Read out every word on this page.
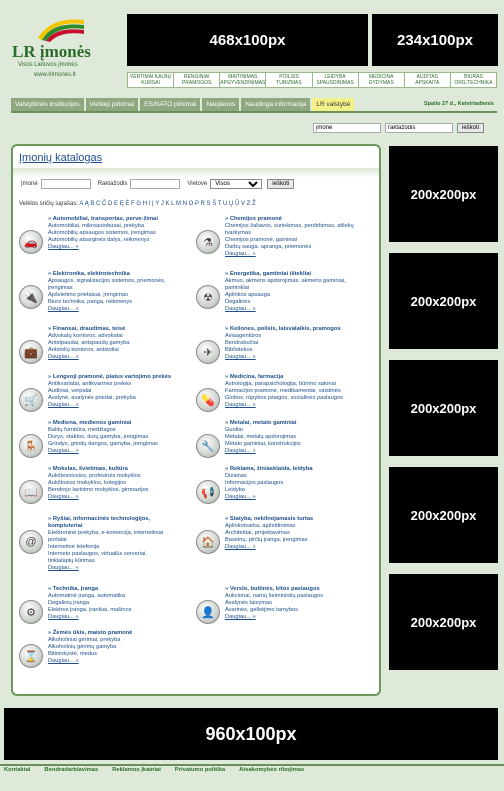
LR įmonės
Visos Lietuvos įmonės
www.lrimones.lt
468x100px	234x100px
VERTIMAI KALBŲ KURSAI
RENGINIAI PRAMOGOS
MAITINIMAS APGYVENDINIMAS
POILSIS TURIZMAS
LEIDYBA SPAUSDINIMAS
MEDICINA GYDYMAS
AUDITAS APSKAITA
BIURAS ORG.TECHNIKA
Valstybinės institucijos	Viešieji pirkimai	ES/NATO pirkimai	Naujienos	Naudinga informacija	LR valstybė	Spalio 27 d., Ketvirtadienis
įmonė
raktažodis
ieškoti
Įmonių katalogas
Įmonė	Raktažodis	Vietovė
Visos	ieškoti
Veiklos sričių sąrašas: A Ą B C Č D E Ę Ė F G H I Į Y J K L M N O P R S Š T U Ų Ū V Z Ž
🚗
» Automobiliai, transportas, perve-žimai
Automobiliai, mikroautobusai, prekyba
Automobilių apsaugos sistemos, įrengimas
Automobilių atsarginės dalys, reikmenys
Daugiau... »	⚗
» Chemijos pramonė
Chemijos žaliavos, surinkimas, perdirbimas, atliekų
tvarkymas
Chemijos pramonė, gaminiai
Darbų sauga, apranga, priemonės
Daugiau... »
🔌
» Elektronika, elektrotechnika
Apsaugos, signalizacijos sistemos, priemonės,
įrengimas
Apšvietimo prietaisai, įrengimas
Biuro technika, įranga, reikmenys
Daugiau... »
☢
» Energetika, gamtiniai ištekliai
Akmuo, akmens apdorojimas, akmens gaminiai,
paminklai
Aplinkos apsauga
Degalinės
Daugiau... »
💼
» Finansai, draudimas, teisė
Advokatų kontoros, advokatai
Antstpaudai, antspaudų gamyba
Antstolių kontoros, antstoliai
Daugiau... »	✈
» Keliones, poilsis, laisvalaikis, pramogos
Aviaagentūros
Bendrabučiai
Bibliotekos
Daugiau... »
🛒
» Lengvoji pramonė, platus vartojimo prekės
Antikvariatai, antikvarinės prekės
Audiniai, verpalai
Avalynė, avalynės priedai, prekyba
Daugiau... »	💊
» Medicina, farmacija
Astrologija, parapsichologija, būrimo salonai
Farmacijos pramonė, medikamentai, vaistinės
Globos, rūpybos įstaigos, socialinės paslaugos
Daugiau... »
🪑
» Mediena, medienos gaminiai
Baldų furnitūra, medžiagos
Durys, staktos, durų gamyba, įrengimas
Grindys, grindų dangos, gamyba, įrengimas
Daugiau... »	🔧
» Metalai, metalo gaminiai
Guoliai
Metalai, metalų apdorojimas
Metalo gaminiai, konstrukcijos
Daugiau... »
📖
» Mokslas, švietimas, kultūra
Aukštesniosios, profesinės mokyklos
Aukštosios mokyklos, kolegijos
Bendrojo lavinimo mokyklos, gimnazijos
Daugiau... »	📢
» Reklama, žiniasklaida, leidyba
Dizainas
Informacijos paslaugos
Leidyba
Daugiau... »
@
» Ryšiai, informacinės technologijos,
kompiuteriai
Elektroninė prekyba, e-komercija, internetiniai
portalai
Internetinė telefonija
Interneto paslaugos, virtualūs serveriai,
tinklalapių kūrimas
Daugiau... »
🏠
» Statyba, nekilnojamasis turtas
Aplinkotvarka, apželdinimas
Architektai, projektavimas
Baseinų, pirčių įranga, įrengimas
Daugiau... »
⚙
» Technika, įranga
Automatinė įranga, automatika
Degalinių įranga
Elektros įranga, įrankiai, mašinos
Daugiau... »	👤
» Verslo, buitinės, kitos paslaugos
Aukcionai, namų šeimininkų paslaugos
Avalynės taisymas
Avarinės, gelbėjimo tarnybos
Daugiau... »
⌛
» Žemės ūkis, maisto pramonė
Alkoholiniai gėrimai, prekyba
Alkoholinių gėrimų gamyba
Bitininkystė, medus
Daugiau... »
200x200px
200x200px
200x200px
200x200px
200x200px
960x100px
Kontaktai Bendradarbiavimas Reklamos įkainiai Privatumo politika Atsakomybės ribojimas
